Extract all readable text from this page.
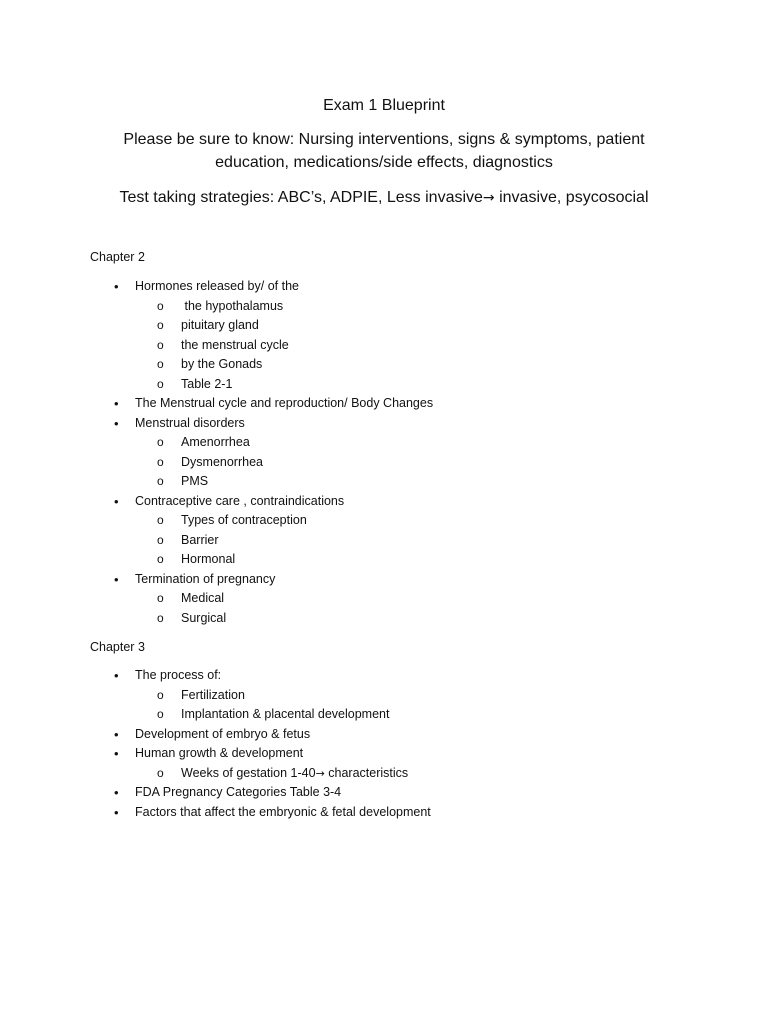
Exam 1 Blueprint
Please be sure to know: Nursing interventions, signs & symptoms, patient
education, medications/side effects, diagnostics
Test taking strategies: ABC’s, ADPIE, Less invasive→ invasive, psycosocial
Chapter 2
• Hormones released by/ of the
o the hypothalamus
o pituitary gland
o the menstrual cycle
o by the Gonads
o Table 2-1
• The Menstrual cycle and reproduction/ Body Changes
• Menstrual disorders
o Amenorrhea
o Dysmenorrhea
o PMS
• Contraceptive care , contraindications
o Types of contraception
o Barrier
o Hormonal
• Termination of pregnancy
o Medical
o Surgical
Chapter 3
• The process of:
o Fertilization
o Implantation & placental development
• Development of embryo & fetus
• Human growth & development
o Weeks of gestation 1-40→ characteristics
• FDA Pregnancy Categories Table 3-4
• Factors that affect the embryonic & fetal development
